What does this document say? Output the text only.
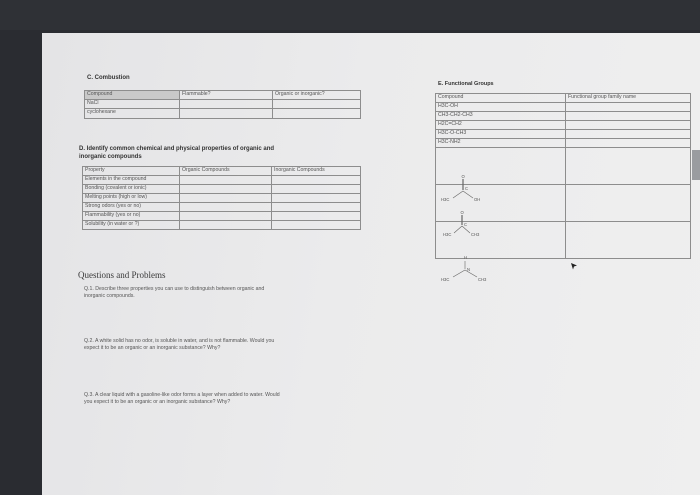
C. Combustion
Compound	Flammable?	Organic or inorganic?
NaCl		
cyclohexane		
D. Identify common chemical and physical properties of organic and
inorganic compounds
Property	Organic Compounds	Inorganic Compounds
Elements in the compound		
Bonding (covalent or ionic)		
Melting points (high or low)		
Strong odors (yes or no)		
Flammability (yes or no)		
Solubility (in water or ?)		
Questions and Problems
Q.1. Describe three properties you can use to distinguish between organic and
inorganic compounds.
Q.2. A white solid has no odor, is soluble in water, and is not flammable. Would you
expect it to be an organic or an inorganic substance? Why?
Q.3. A clear liquid with a gasoline-like odor forms a layer when added to water. Would
you expect it to be an organic or an inorganic substance? Why?
E. Functional Groups
Compound	Functional group family name
H3C-OH	
CH3-CH2-CH3	
H2C=CH2	
H3C-O-CH3	
H3C-NH2	

O
C
H3C	OH
O
C
H3C	CH3
H
N
H3C	CH3
